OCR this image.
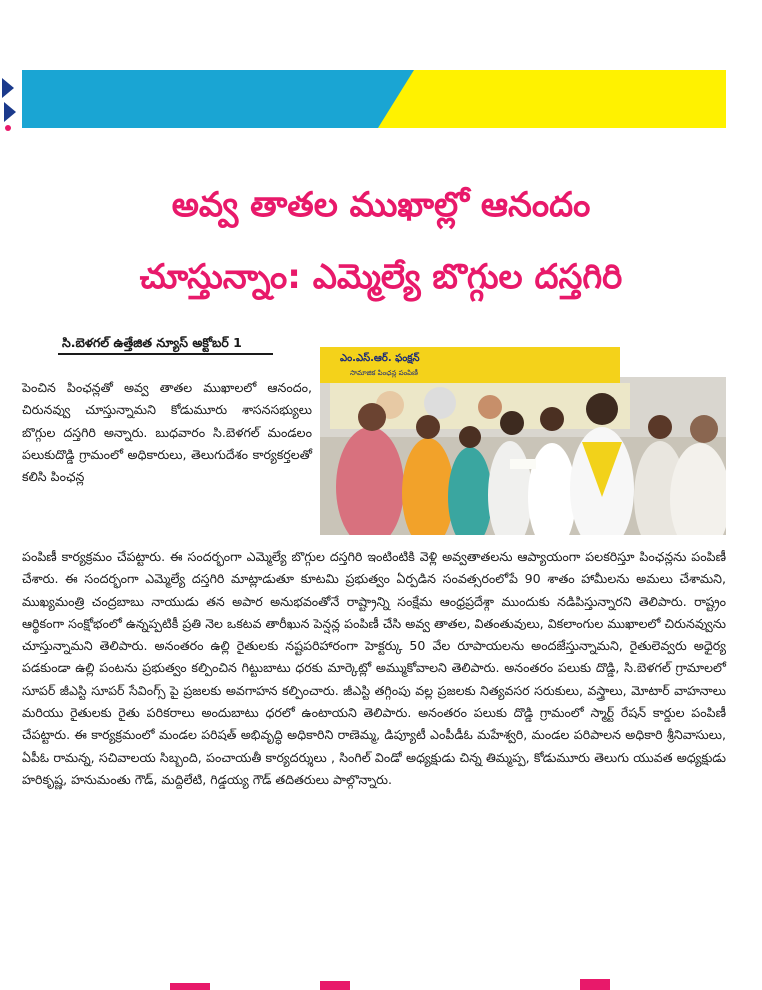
అవ్వ తాతల ముఖాల్లో ఆనందం
చూస్తున్నాం: ఎమ్మెల్యే బొగ్గుల దస్తగిరి
సి.బెళగల్ ఉత్తేజిత న్యూస్ అక్టోబర్ 1
ఎం.ఎస్.ఆర్. ఫంక్షన్
సామాజిక పింఛన్ల పంపిణీ
పెంచిన పింఛన్లతో అవ్వ తాతల ముఖాలలో ఆనందం, చిరునవ్వు చూస్తున్నామని కోడుమూరు శాసనసభ్యులు బొగ్గుల దస్తగిరి అన్నారు. బుధవారం సి.బెళగల్ మండలం పలుకుదొడ్డి గ్రామంలో అధికారులు, తెలుగుదేశం కార్యకర్తలతో కలిసి పింఛన్ల
పంపిణీ కార్యక్రమం చేపట్టారు. ఈ సందర్భంగా ఎమ్మెల్యే బొగ్గుల దస్తగిరి ఇంటింటికి వెళ్లి అవ్వతాతలను ఆప్యాయంగా పలకరిస్తూ పింఛన్లను పంపిణీ చేశారు. ఈ సందర్భంగా ఎమ్మెల్యే దస్తగిరి మాట్లాడుతూ కూటమి ప్రభుత్వం ఏర్పడిన సంవత్సరంలోపే 90 శాతం హామీలను అమలు చేశామని, ముఖ్యమంత్రి చంద్రబాబు నాయుడు తన అపార అనుభవంతోనే రాష్ట్రాన్ని సంక్షేమ ఆంధ్రప్రదేశ్గా ముందుకు నడిపిస్తున్నారని తెలిపారు. రాష్ట్రం ఆర్థికంగా సంక్షోభంలో ఉన్నప్పటికీ ప్రతి నెల ఒకటవ తారీఖున పెన్షన్ల పంపిణీ చేసి అవ్వ తాతల, వితంతువులు, వికలాంగుల ముఖాలలో చిరునవ్వును చూస్తున్నామని తెలిపారు. అనంతరం ఉల్లి రైతులకు నష్టపరిహారంగా హెక్టర్కు 50 వేల రూపాయలను అందజేస్తున్నామని, రైతులెవ్వరు అధైర్య పడకుండా ఉల్లి పంటను ప్రభుత్వం కల్పించిన గిట్టుబాటు ధరకు మార్కెట్లో అమ్ముకోవాలని తెలిపారు. అనంతరం పలుకు దొడ్డి, సి.బెళగల్ గ్రామాలలో సూపర్ జీఎస్టి సూపర్ సేవింగ్స్ పై ప్రజలకు అవగాహన కల్పించారు. జీఎస్టి తగ్గింపు వల్ల ప్రజలకు నిత్యవసర సరుకులు, వస్త్రాలు, మోటార్ వాహనాలు మరియు రైతులకు రైతు పరికరాలు అందుబాటు ధరలో ఉంటాయని తెలిపారు. అనంతరం పలుకు దొడ్డి గ్రామంలో స్మార్ట్ రేషన్ కార్డుల పంపిణీ చేపట్టారు. ఈ కార్యక్రమంలో మండల పరిషత్ అభివృద్ధి అధికారిని రాణెమ్మ, డిప్యూటీ ఎంపీడీఓ మహేశ్వరి, మండల పరిపాలన అధికారి శ్రీనివాసులు, ఏపీఓ రామన్న, సచివాలయ సిబ్బంది, పంచాయతీ కార్యదర్శులు , సింగిల్ విండో అధ్యక్షుడు చిన్న తిమ్మప్ప, కోడుమూరు తెలుగు యువత అధ్యక్షుడు హరికృష్ణ, హనుమంతు గౌడ్, మద్దిలేటి, గిడ్డయ్య గౌడ్ తదితరులు పాల్గొన్నారు.
